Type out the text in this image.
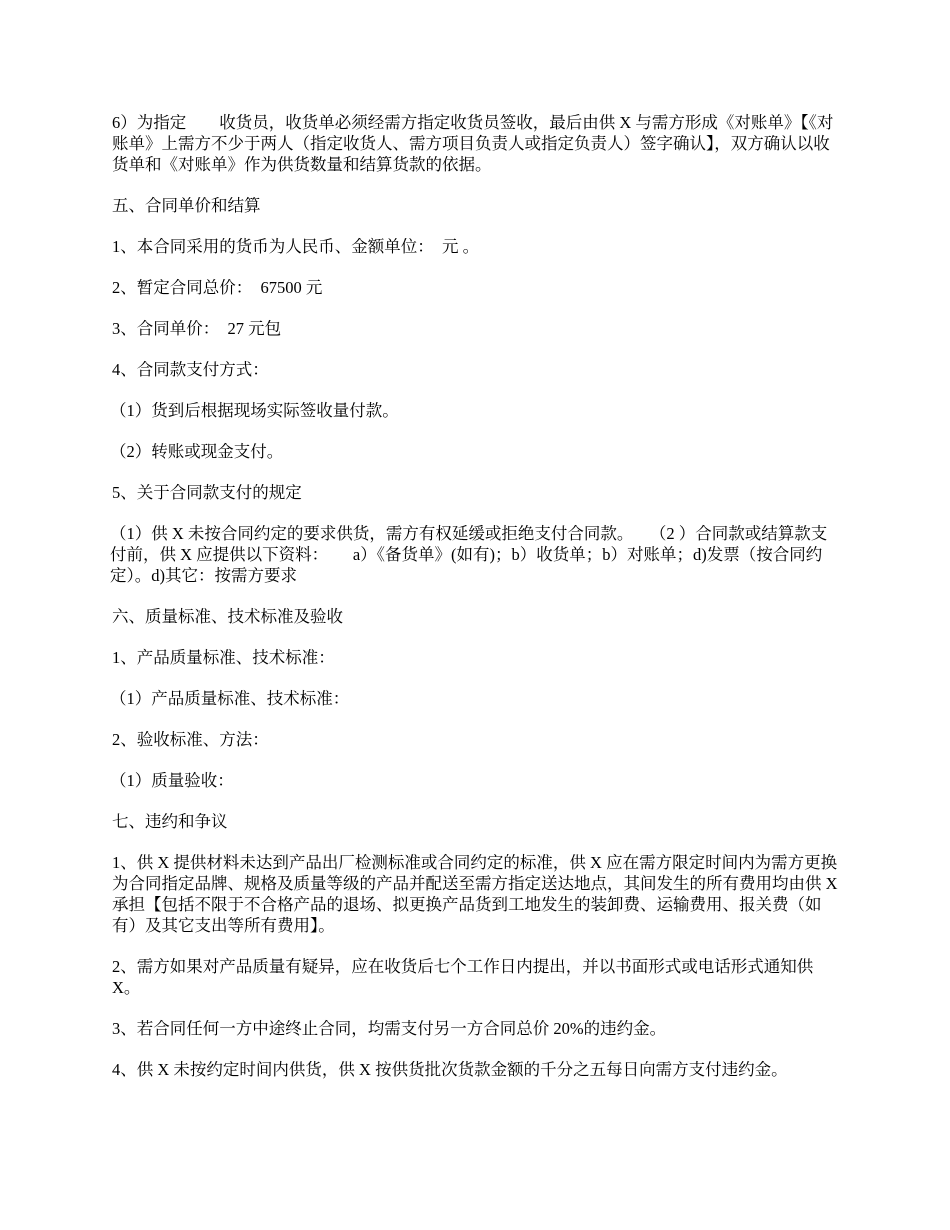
6）为指定　　收货员，收货单必须经需方指定收货员签收，最后由供 X 与需方形成《对账单》【《对账单》上需方不少于两人（指定收货人、需方项目负责人或指定负责人）签字确认】，双方确认以收货单和《对账单》作为供货数量和结算货款的依据。

五、合同单价和结算

1、本合同采用的货币为人民币、金额单位：  元 。

2、暂定合同总价：  67500 元

3、合同单价：  27 元包

4、合同款支付方式：

（1）货到后根据现场实际签收量付款。

（2）转账或现金支付。

5、关于合同款支付的规定

（1）供 X 未按合同约定的要求供货，需方有权延缓或拒绝支付合同款。　　（2 ）合同款或结算款支付前，供 X 应提供以下资料：　　a）《备货单》(如有)；b）收货单；b）对账单；d)发票（按合同约定）。d)其它：按需方要求

六、质量标准、技术标准及验收

1、产品质量标准、技术标准：

（1）产品质量标准、技术标准：

2、验收标准、方法：

（1）质量验收：

七、违约和争议

1、供 X 提供材料未达到产品出厂检测标准或合同约定的标准，供 X 应在需方限定时间内为需方更换为合同指定品牌、规格及质量等级的产品并配送至需方指定送达地点，其间发生的所有费用均由供 X 承担【包括不限于不合格产品的退场、拟更换产品货到工地发生的装卸费、运输费用、报关费（如有）及其它支出等所有费用】。

2、需方如果对产品质量有疑异，应在收货后七个工作日内提出，并以书面形式或电话形式通知供 X。

3、若合同任何一方中途终止合同，均需支付另一方合同总价 20%的违约金。

4、供 X 未按约定时间内供货，供 X 按供货批次货款金额的千分之五每日向需方支付违约金。
